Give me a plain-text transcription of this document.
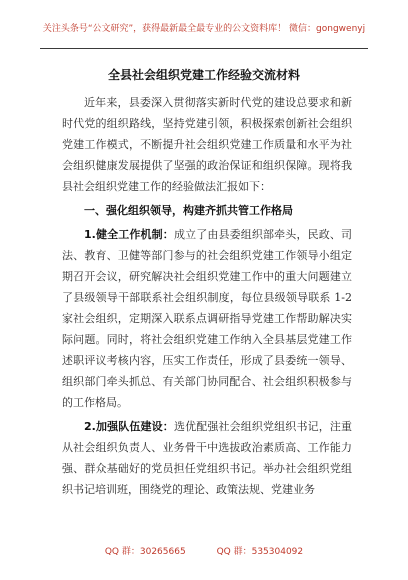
关注头条号“公文研究”，获得最新最全最专业的公文资料库！ 微信：gongwenyj
全县社会组织党建工作经验交流材料

近年来，县委深入贯彻落实新时代党的建设总要求和新时代党的组织路线，坚持党建引领，积极探索创新社会组织党建工作模式，不断提升社会组织党建工作质量和水平为社会组织健康发展提供了坚强的政治保证和组织保障。现将我县社会组织党建工作的经验做法汇报如下：

一、强化组织领导，构建齐抓共管工作格局

1.健全工作机制：成立了由县委组织部牵头，民政、司法、教育、卫健等部门参与的社会组织党建工作领导小组定期召开会议，研究解决社会组织党建工作中的重大问题建立了县级领导干部联系社会组织制度，每位县级领导联系 1-2 家社会组织，定期深入联系点调研指导党建工作帮助解决实际问题。同时，将社会组织党建工作纳入全县基层党建工作述职评议考核内容，压实工作责任，形成了县委统一领导、组织部门牵头抓总、有关部门协同配合、社会组织积极参与的工作格局。

2.加强队伍建设：选优配强社会组织党组织书记，注重从社会组织负责人、业务骨干中选拔政治素质高、工作能力强、群众基础好的党员担任党组织书记。举办社会组织党组织书记培训班，围绕党的理论、政策法规、党建业务

QQ 群：30265665	QQ 群：535304092
